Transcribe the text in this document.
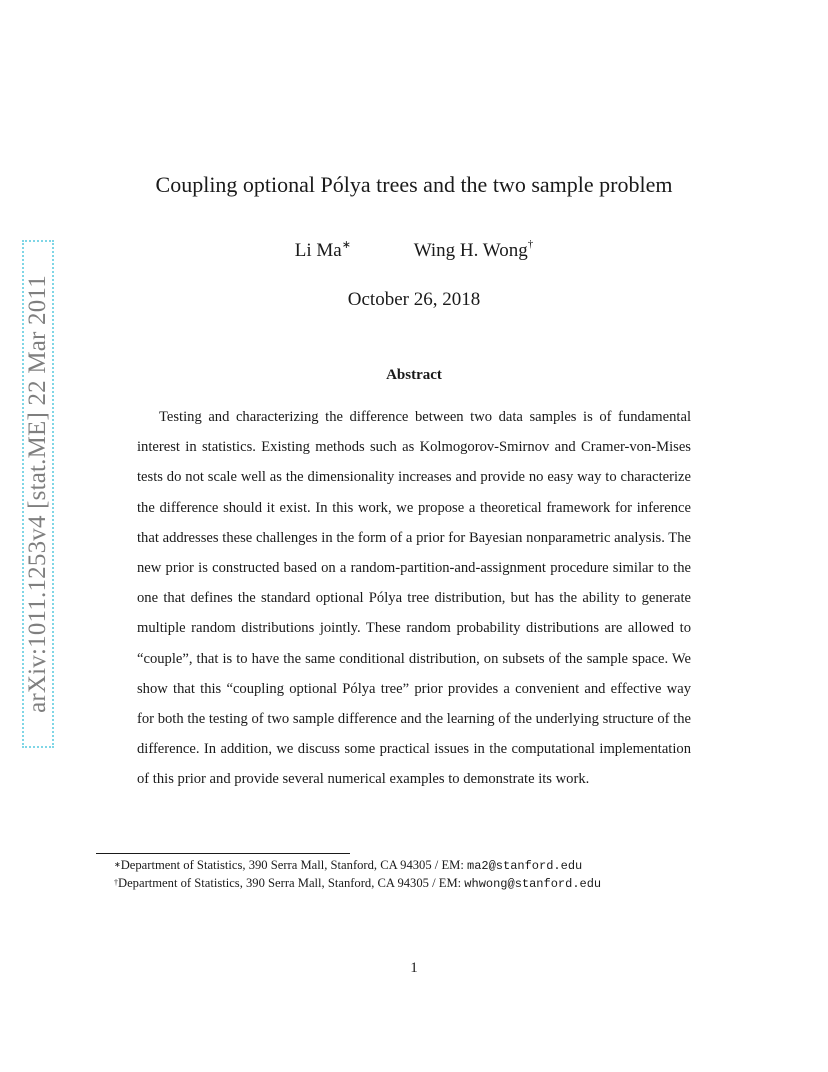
arXiv:1011.1253v4 [stat.ME] 22 Mar 2011
Coupling optional Pólya trees and the two sample problem
Li Ma∗	Wing H. Wong†
October 26, 2018
Abstract

Testing and characterizing the difference between two data samples is of fundamental interest in statistics. Existing methods such as Kolmogorov-Smirnov and Cramer-von-Mises tests do not scale well as the dimensionality increases and provide no easy way to characterize the difference should it exist. In this work, we propose a theoretical framework for inference that addresses these challenges in the form of a prior for Bayesian nonparametric analysis. The new prior is constructed based on a random-partition-and-assignment procedure similar to the one that defines the standard optional Pólya tree distribution, but has the ability to generate multiple random distributions jointly. These random probability distributions are allowed to “couple”, that is to have the same conditional distribution, on subsets of the sample space. We show that this “coupling optional Pólya tree” prior provides a convenient and effective way for both the testing of two sample difference and the learning of the underlying structure of the difference. In addition, we discuss some practical issues in the computational implementation of this prior and provide several numerical examples to demonstrate its work.

∗Department of Statistics, 390 Serra Mall, Stanford, CA 94305 / EM: ma2@stanford.edu
†Department of Statistics, 390 Serra Mall, Stanford, CA 94305 / EM: whwong@stanford.edu
1
